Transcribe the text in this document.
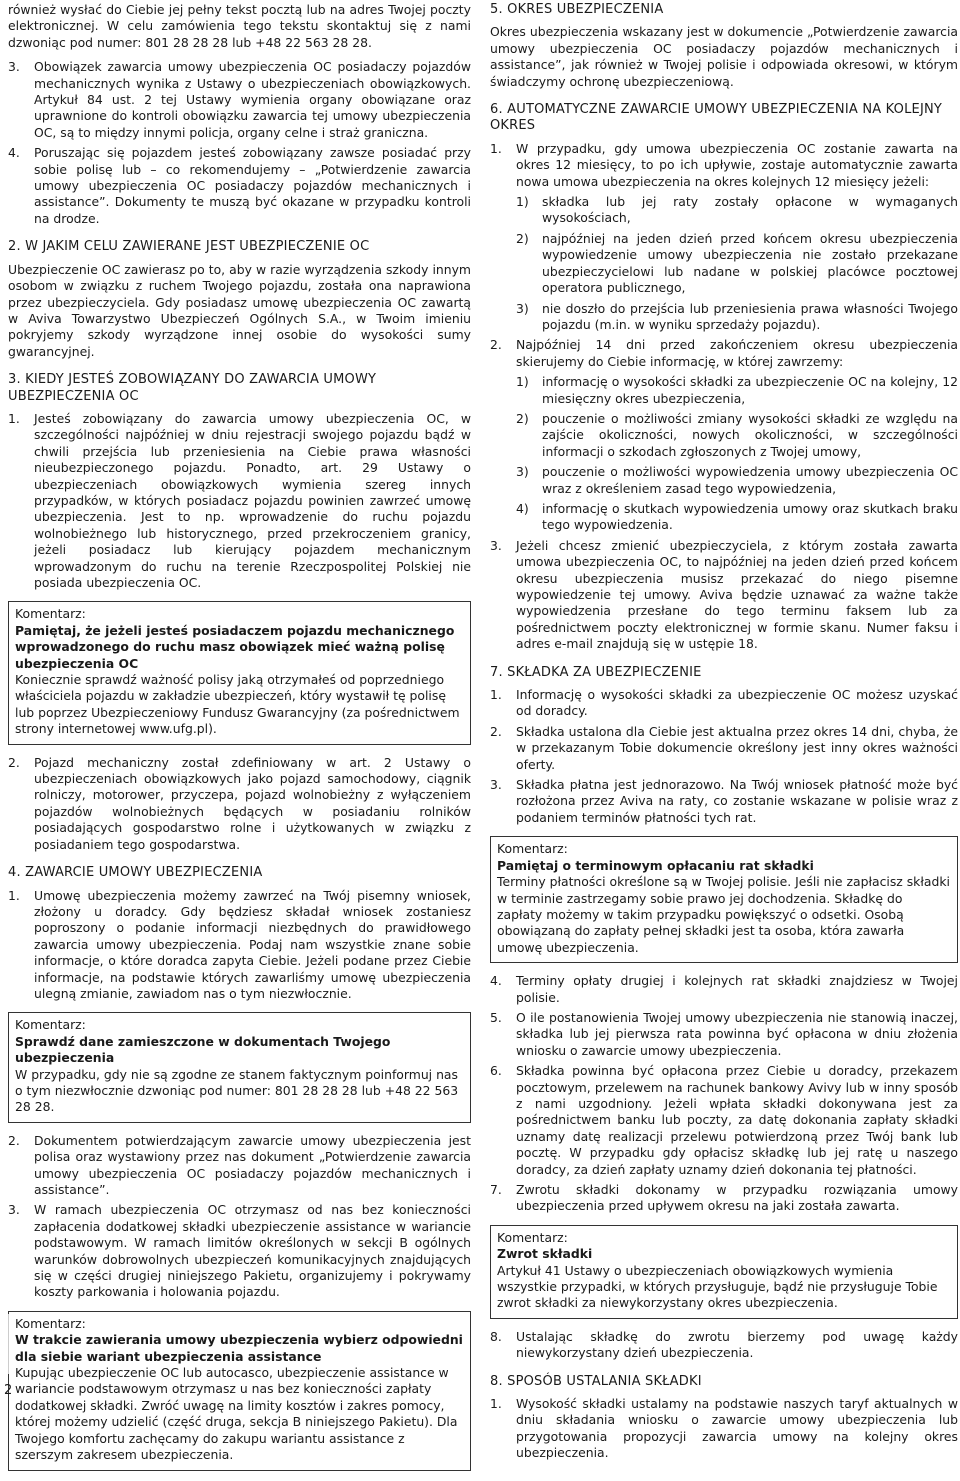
również wysłać do Ciebie jej pełny tekst pocztą lub na adres Twojej poczty elektronicznej. W celu zamówienia tego tekstu skontaktuj się z nami dzwoniąc pod numer: 801 28 28 28 lub +48 22 563 28 28.

3.	Obowiązek zawarcia umowy ubezpieczenia OC posiadaczy pojazdów mechanicznych wynika z Ustawy o ubezpieczeniach obowiązkowych. Artykuł 84 ust. 2 tej Ustawy wymienia organy obowiązane oraz uprawnione do kontroli obowiązku zawarcia tej umowy ubezpieczenia OC, są to między innymi policja, organy celne i straż graniczna.
4.	Poruszając się pojazdem jesteś zobowiązany zawsze posiadać przy sobie polisę lub – co rekomendujemy – „Potwierdzenie zawarcia umowy ubezpieczenia OC posiadaczy pojazdów mechanicznych i assistance”. Dokumenty te muszą być okazane w przypadku kontroli na drodze.
2. W JAKIM CELU ZAWIERANE JEST UBEZPIECZENIE OC

Ubezpieczenie OC zawierasz po to, aby w razie wyrządzenia szkody innym osobom w związku z ruchem Twojego pojazdu, została ona naprawiona przez ubezpieczyciela. Gdy posiadasz umowę ubezpieczenia OC zawartą w Aviva Towarzystwo Ubezpieczeń Ogólnych S.A., w Twoim imieniu pokryjemy szkody wyrządzone innej osobie do wysokości sumy gwarancyjnej.

3. KIEDY JESTEŚ ZOBOWIĄZANY DO ZAWARCIA UMOWY UBEZPIECZENIA OC
1.	Jesteś zobowiązany do zawarcia umowy ubezpieczenia OC, w szczególności najpóźniej w dniu rejestracji swojego pojazdu bądź w chwili przejścia lub przeniesienia na Ciebie prawa własności nieubezpieczonego pojazdu. Ponadto, art. 29 Ustawy o ubezpieczeniach obowiązkowych wymienia szereg innych przypadków, w których posiadacz pojazdu powinien zawrzeć umowę ubezpieczenia. Jest to np. wprowadzenie do ruchu pojazdu wolnobieżnego lub historycznego, przed przekroczeniem granicy, jeżeli posiadacz lub kierujący pojazdem mechanicznym wprowadzonym do ruchu na terenie Rzeczpospolitej Polskiej nie posiada ubezpieczenia OC.

Komentarz:

Pamiętaj, że jeżeli jesteś posiadaczem pojazdu mechanicznego wprowadzonego do ruchu masz obowiązek mieć ważną polisę ubezpieczenia OC

Koniecznie sprawdź ważność polisy jaką otrzymałeś od poprzedniego właściciela pojazdu w zakładzie ubezpieczeń, który wystawił tę polisę lub poprzez Ubezpieczeniowy Fundusz Gwarancyjny (za pośrednictwem strony internetowej www.ufg.pl).

2.	Pojazd mechaniczny został zdefiniowany w art. 2 Ustawy o ubezpieczeniach obowiązkowych jako pojazd samochodowy, ciągnik rolniczy, motorower, przyczepa, pojazd wolnobieżny z wyłączeniem pojazdów wolnobieżnych będących w posiadaniu rolników posiadających gospodarstwo rolne i użytkowanych w związku z posiadaniem tego gospodarstwa.
4. ZAWARCIE UMOWY UBEZPIECZENIA
1.	Umowę ubezpieczenia możemy zawrzeć na Twój pisemny wniosek, złożony u doradcy. Gdy będziesz składał wniosek zostaniesz poproszony o podanie informacji niezbędnych do prawidłowego zawarcia umowy ubezpieczenia. Podaj nam wszystkie znane sobie informacje, o które doradca zapyta Ciebie. Jeżeli podane przez Ciebie informacje, na podstawie których zawarliśmy umowę ubezpieczenia ulegną zmianie, zawiadom nas o tym niezwłocznie.

Komentarz:

Sprawdź dane zamieszczone w dokumentach Twojego ubezpieczenia

W przypadku, gdy nie są zgodne ze stanem faktycznym poinformuj nas o tym niezwłocznie dzwoniąc pod numer: 801 28 28 28 lub +48 22 563 28 28.

2.	Dokumentem potwierdzającym zawarcie umowy ubezpieczenia jest polisa oraz wystawiony przez nas dokument „Potwierdzenie zawarcia umowy ubezpieczenia OC posiadaczy pojazdów mechanicznych i assistance”.
3.	W ramach ubezpieczenia OC otrzymasz od nas bez konieczności zapłacenia dodatkowej składki ubezpieczenie assistance w wariancie podstawowym. W ramach limitów określonych w sekcji B ogólnych warunków dobrowolnych ubezpieczeń komunikacyjnych znajdujących się w części drugiej niniejszego Pakietu, organizujemy i pokrywamy koszty parkowania i holowania pojazdu.

Komentarz:

W trakcie zawierania umowy ubezpieczenia wybierz odpowiedni dla siebie wariant ubezpieczenia assistance

Kupując ubezpieczenie OC lub autocasco, ubezpieczenie assistance w wariancie podstawowym otrzymasz u nas bez konieczności zapłaty dodatkowej składki. Zwróć uwagę na limity kosztów i zakres pomocy, której możemy udzielić (część druga, sekcja B niniejszego Pakietu). Dla Twojego komfortu zachęcamy do zakupu wariantu assistance z szerszym zakresem ubezpieczenia.

5. OKRES UBEZPIECZENIA

Okres ubezpieczenia wskazany jest w dokumencie „Potwierdzenie zawarcia umowy ubezpieczenia OC posiadaczy pojazdów mechanicznych i assistance”, jak również w Twojej polisie i odpowiada okresowi, w którym świadczymy ochronę ubezpieczeniową.

6. AUTOMATYCZNE ZAWARCIE UMOWY UBEZPIECZENIA NA KOLEJNY OKRES
1.	W przypadku, gdy umowa ubezpieczenia OC zostanie zawarta na okres 12 miesięcy, to po ich upływie, zostaje automatycznie zawarta nowa umowa ubezpieczenia na okres kolejnych 12 miesięcy jeżeli:
1)	składka lub jej raty zostały opłacone w wymaganych wysokościach,
2)	najpóźniej na jeden dzień przed końcem okresu ubezpieczenia wypowiedzenie umowy ubezpieczenia nie zostało przekazane ubezpieczycielowi lub nadane w polskiej placówce pocztowej operatora publicznego,
3)	nie doszło do przejścia lub przeniesienia prawa własności Twojego pojazdu (m.in. w wyniku sprzedaży pojazdu).
2.	Najpóźniej 14 dni przed zakończeniem okresu ubezpieczenia skierujemy do Ciebie informację, w której zawrzemy:
1)	informację o wysokości składki za ubezpieczenie OC na kolejny, 12 miesięczny okres ubezpieczenia,
2)	pouczenie o możliwości zmiany wysokości składki ze względu na zajście okoliczności, nowych okoliczności, w szczególności informacji o szkodach zgłoszonych z Twojej umowy,
3)	pouczenie o możliwości wypowiedzenia umowy ubezpieczenia OC wraz z określeniem zasad tego wypowiedzenia,
4)	informację o skutkach wypowiedzenia umowy oraz skutkach braku tego wypowiedzenia.
3.	Jeżeli chcesz zmienić ubezpieczyciela, z którym została zawarta umowa ubezpieczenia OC, to najpóźniej na jeden dzień przed końcem okresu ubezpieczenia musisz przekazać do niego pisemne wypowiedzenie tej umowy. Aviva będzie uznawać za ważne także wypowiedzenia przesłane do tego terminu faksem lub za pośrednictwem poczty elektronicznej w formie skanu. Numer faksu i adres e-mail znajdują się w ustępie 18.
7. SKŁADKA ZA UBEZPIECZENIE
1.	Informację o wysokości składki za ubezpieczenie OC możesz uzyskać od doradcy.
2.	Składka ustalona dla Ciebie jest aktualna przez okres 14 dni, chyba, że w przekazanym Tobie dokumencie określony jest inny okres ważności oferty.
3.	Składka płatna jest jednorazowo. Na Twój wniosek płatność może być rozłożona przez Aviva na raty, co zostanie wskazane w polisie wraz z podaniem terminów płatności tych rat.

Komentarz:

Pamiętaj o terminowym opłacaniu rat składki

Terminy płatności określone są w Twojej polisie. Jeśli nie zapłacisz składki w terminie zastrzegamy sobie prawo jej dochodzenia. Składkę do zapłaty możemy w takim przypadku powiększyć o odsetki. Osobą obowiązaną do zapłaty pełnej składki jest ta osoba, która zawarła umowę ubezpieczenia.

4.	Terminy opłaty drugiej i kolejnych rat składki znajdziesz w Twojej polisie.
5.	O ile postanowienia Twojej umowy ubezpieczenia nie stanowią inaczej, składka lub jej pierwsza rata powinna być opłacona w dniu złożenia wniosku o zawarcie umowy ubezpieczenia.
6.	Składka powinna być opłacona przez Ciebie u doradcy, przekazem pocztowym, przelewem na rachunek bankowy Avivy lub w inny sposób z nami uzgodniony. Jeżeli wpłata składki dokonywana jest za pośrednictwem banku lub poczty, za datę dokonania zapłaty składki uznamy datę realizacji przelewu potwierdzoną przez Twój bank lub pocztę. W przypadku gdy opłacisz składkę lub jej ratę u naszego doradcy, za dzień zapłaty uznamy dzień dokonania tej płatności.
7.	Zwrotu składki dokonamy w przypadku rozwiązania umowy ubezpieczenia przed upływem okresu na jaki została zawarta.

Komentarz:

Zwrot składki

Artykuł 41 Ustawy o ubezpieczeniach obowiązkowych wymienia wszystkie przypadki, w których przysługuje, bądź nie przysługuje Tobie zwrot składki za niewykorzystany okres ubezpieczenia.

8.	Ustalając składkę do zwrotu bierzemy pod uwagę każdy niewykorzystany dzień ubezpieczenia.
8. SPOSÓB USTALANIA SKŁADKI
1.	Wysokość składki ustalamy na podstawie naszych taryf aktualnych w dniu składania wniosku o zawarcie umowy ubezpieczenia lub przygotowania propozycji zawarcia umowy na kolejny okres ubezpieczenia.
2
